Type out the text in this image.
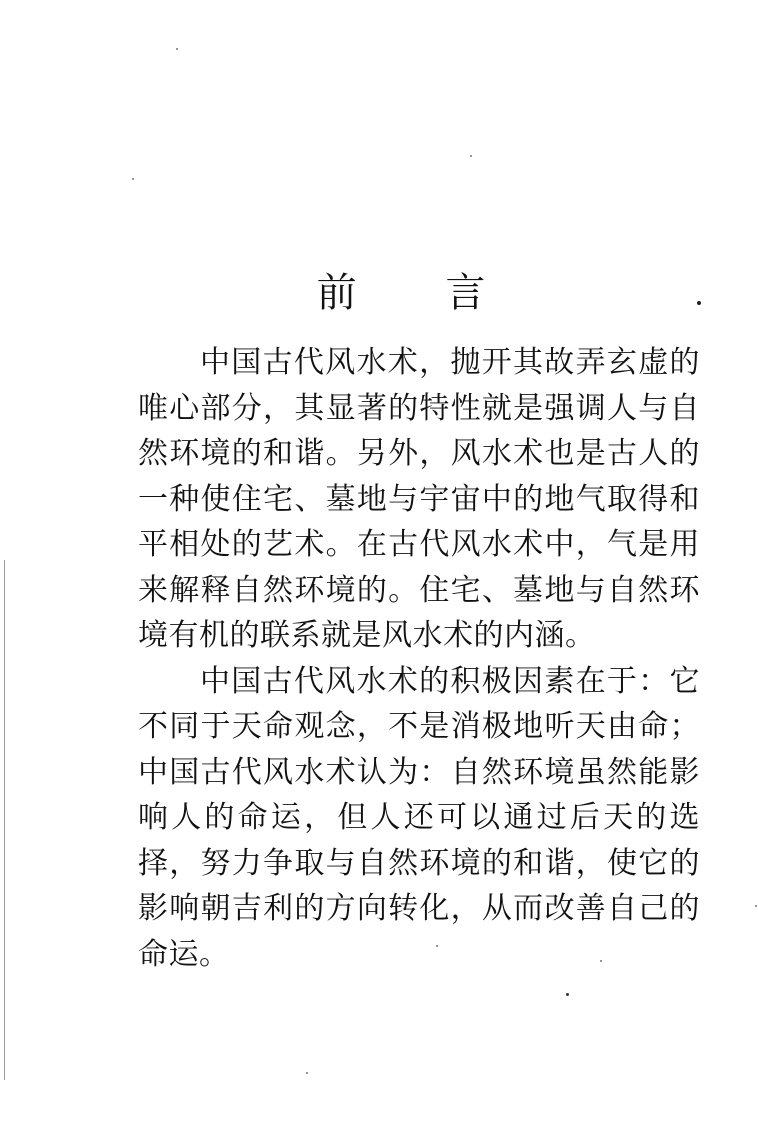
前 言

中国古代风水术，抛开其故弄玄虚的唯心部分，其显著的特性就是强调人与自然环境的和谐。另外，风水术也是古人的一种使住宅、墓地与宇宙中的地气取得和平相处的艺术。在古代风水术中，气是用来解释自然环境的。住宅、墓地与自然环境有机的联系就是风水术的内涵。

中国古代风水术的积极因素在于：它不同于天命观念，不是消极地听天由命；中国古代风水术认为：自然环境虽然能影响人的命运，但人还可以通过后天的选择，努力争取与自然环境的和谐，使它的影响朝吉利的方向转化，从而改善自己的命运。
